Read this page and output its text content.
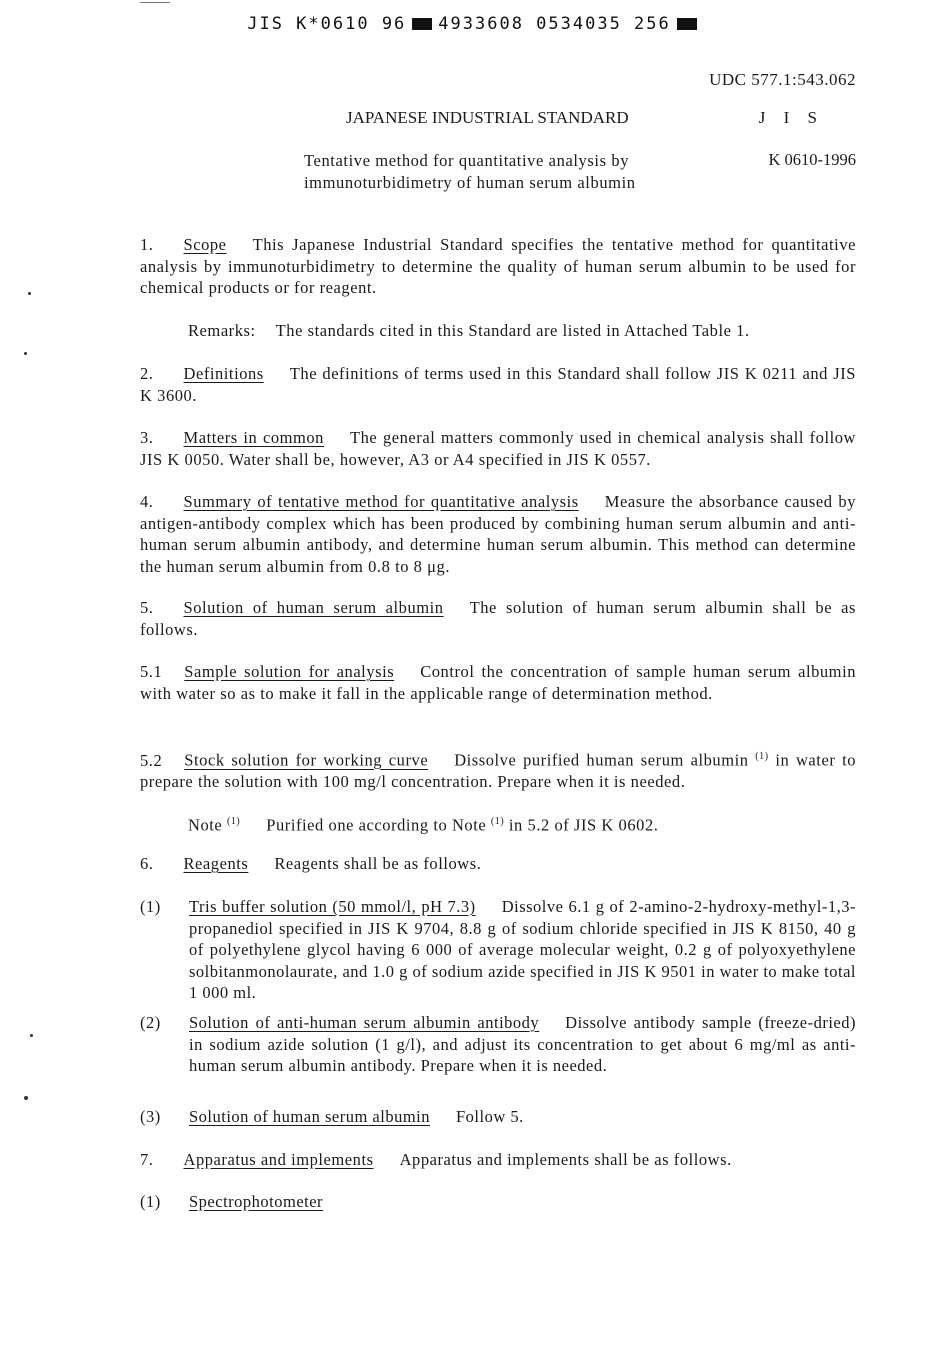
JIS K*0610 96 4933608 0534035 256
UDC 577.1:543.062
JAPANESE INDUSTRIAL STANDARD	J I S
Tentative method for quantitative analysis by
immunoturbidimetry of human serum albumin
K 0610-1996
1. Scope This Japanese Industrial Standard specifies the tentative method for quantitative analysis by immunoturbidimetry to determine the quality of human serum albumin to be used for chemical products or for reagent.
Remarks: The standards cited in this Standard are listed in Attached Table 1.
2. Definitions The definitions of terms used in this Standard shall follow JIS K 0211 and JIS K 3600.
3. Matters in common The general matters commonly used in chemical analysis shall follow JIS K 0050. Water shall be, however, A3 or A4 specified in JIS K 0557.
4. Summary of tentative method for quantitative analysis Measure the absorbance caused by antigen-antibody complex which has been produced by combining human serum albumin and anti-human serum albumin antibody, and determine human serum albumin. This method can determine the human serum albumin from 0.8 to 8 μg.
5. Solution of human serum albumin The solution of human serum albumin shall be as follows.
5.1 Sample solution for analysis Control the concentration of sample human serum albumin with water so as to make it fall in the applicable range of determination method.
5.2 Stock solution for working curve Dissolve purified human serum albumin $^{(1)}$ in water to prepare the solution with 100 mg/l concentration. Prepare when it is needed.
Note $^{(1)}$ Purified one according to Note $^{(1)}$ in 5.2 of JIS K 0602.
6. Reagents Reagents shall be as follows.
(1) Tris buffer solution (50 mmol/l, pH 7.3) Dissolve 6.1 g of 2-amino-2-hydroxy-methyl-1,3-propanediol specified in JIS K 9704, 8.8 g of sodium chloride specified in JIS K 8150, 40 g of polyethylene glycol having 6 000 of average molecular weight, 0.2 g of polyoxyethylene solbitanmonolaurate, and 1.0 g of sodium azide specified in JIS K 9501 in water to make total 1 000 ml.
(2) Solution of anti-human serum albumin antibody Dissolve antibody sample (freeze-dried) in sodium azide solution (1 g/l), and adjust its concentration to get about 6 mg/ml as anti-human serum albumin antibody. Prepare when it is needed.
(3) Solution of human serum albumin Follow 5.
7. Apparatus and implements Apparatus and implements shall be as follows.
(1) Spectrophotometer
